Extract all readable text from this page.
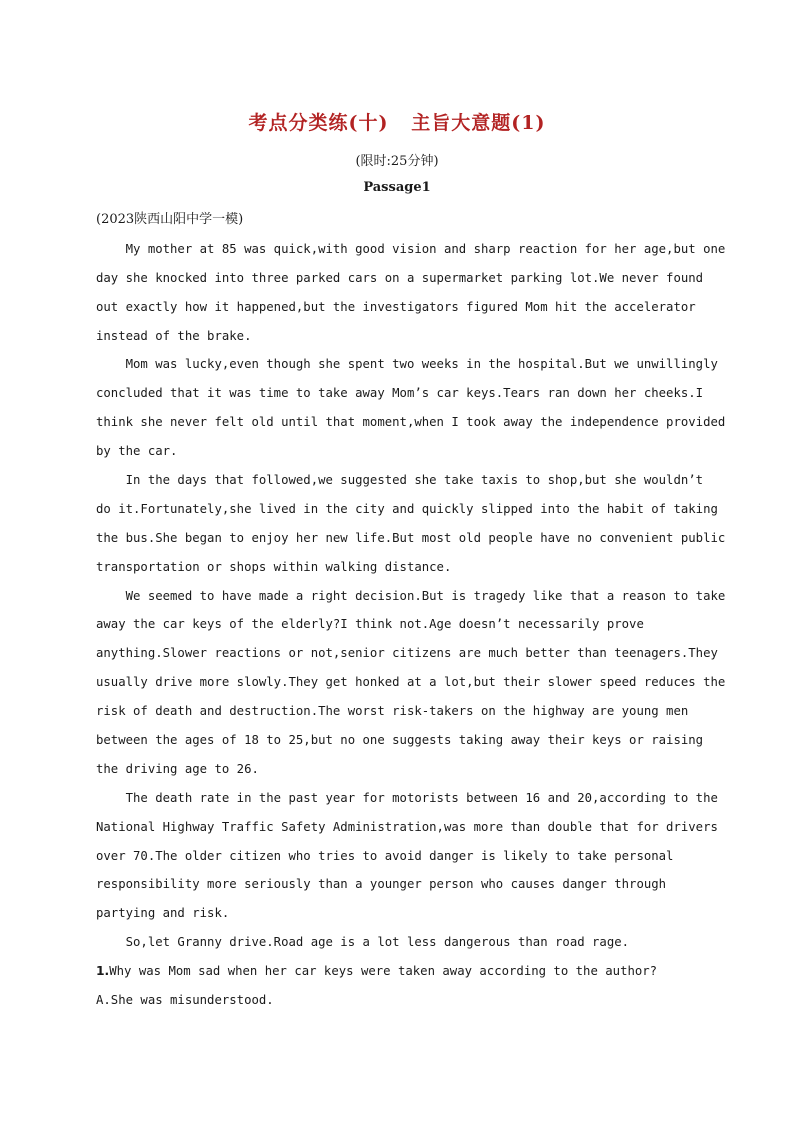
考点分类练(十)   主旨大意题(1)
(限时:25分钟)
Passage1
(2023陕西山阳中学一模)
My mother at 85 was quick,with good vision and sharp reaction for her age,but one
day she knocked into three parked cars on a supermarket parking lot.We never found
out exactly how it happened,but the investigators figured Mom hit the accelerator
instead of the brake.
Mom was lucky,even though she spent two weeks in the hospital.But we unwillingly
concluded that it was time to take away Mom’s car keys.Tears ran down her cheeks.I
think she never felt old until that moment,when I took away the independence provided
by the car.
In the days that followed,we suggested she take taxis to shop,but she wouldn’t
do it.Fortunately,she lived in the city and quickly slipped into the habit of taking
the bus.She began to enjoy her new life.But most old people have no convenient public
transportation or shops within walking distance.
We seemed to have made a right decision.But is tragedy like that a reason to take
away the car keys of the elderly?I think not.Age doesn’t necessarily prove
anything.Slower reactions or not,senior citizens are much better than teenagers.They
usually drive more slowly.They get honked at a lot,but their slower speed reduces the
risk of death and destruction.The worst risk-takers on the highway are young men
between the ages of 18 to 25,but no one suggests taking away their keys or raising
the driving age to 26.
The death rate in the past year for motorists between 16 and 20,according to the
National Highway Traffic Safety Administration,was more than double that for drivers
over 70.The older citizen who tries to avoid danger is likely to take personal
responsibility more seriously than a younger person who causes danger through
partying and risk.
So,let Granny drive.Road age is a lot less dangerous than road rage.
1.Why was Mom sad when her car keys were taken away according to the author?
A.She was misunderstood.
